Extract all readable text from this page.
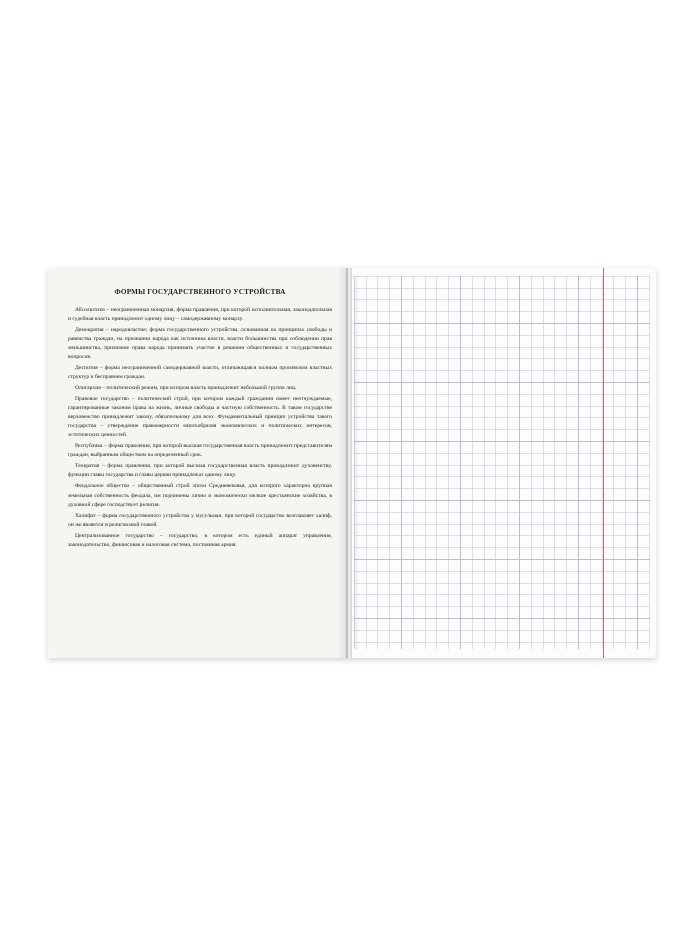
ФОРМЫ ГОСУДАРСТВЕННОГО УСТРОЙСТВА

Абсолютизм – неограниченная монархия, форма правления, при которой исполнительная, законодательная и судебная власть принадлежит одному лицу – самодержавному монарху.

Демократия – народовластие; форма государственного устройства, основанная на принципах свободы и равенства граждан, на признании народа как источника власти, власти большинства при соблюдении прав меньшинства, признание права народа принимать участие в решении общественных и государственных вопросов.

Деспотия – форма неограниченной самодержавной власти, отличающаяся полным произволом властных структур и бесправием граждан.

Олигархия – политический режим, при котором власть принадлежит небольшой группе лиц.

Правовое государство – политический строй, при котором каждый гражданин имеет неотчуждаемые, гарантированные законом права на жизнь, личные свободы и частную собственность. В таком государстве верховенство принадлежит закону, обязательному для всех. Фундаментальный принцип устройства такого государства – утверждение правомерности многообразия экономических и политических интересов, эстетических ценностей.

Республика – форма правления, при которой высшая государственная власть принадлежит представителям граждан, выбранным обществом на определенный срок.

Теократия – форма правления, при которой высшая государственная власть принадлежит духовенству, функции главы государства и главы церкви принадлежат одному лицу.

Феодальное общество – общественный строй эпохи Средневековья, для которого характерна крупная земельная собственность феодала, им подчинены лично и экономически мелкие крестьянские хозяйства, в духовной сфере господствует религия.

Халифат – форма государственного устройства у мусульман, при которой государство возглавляет халиф, он же является и религиозной главой.

Централизованное государство – государство, в котором есть единый аппарат управления, законодательство, финансовая и налоговая система, постоянная армия.
